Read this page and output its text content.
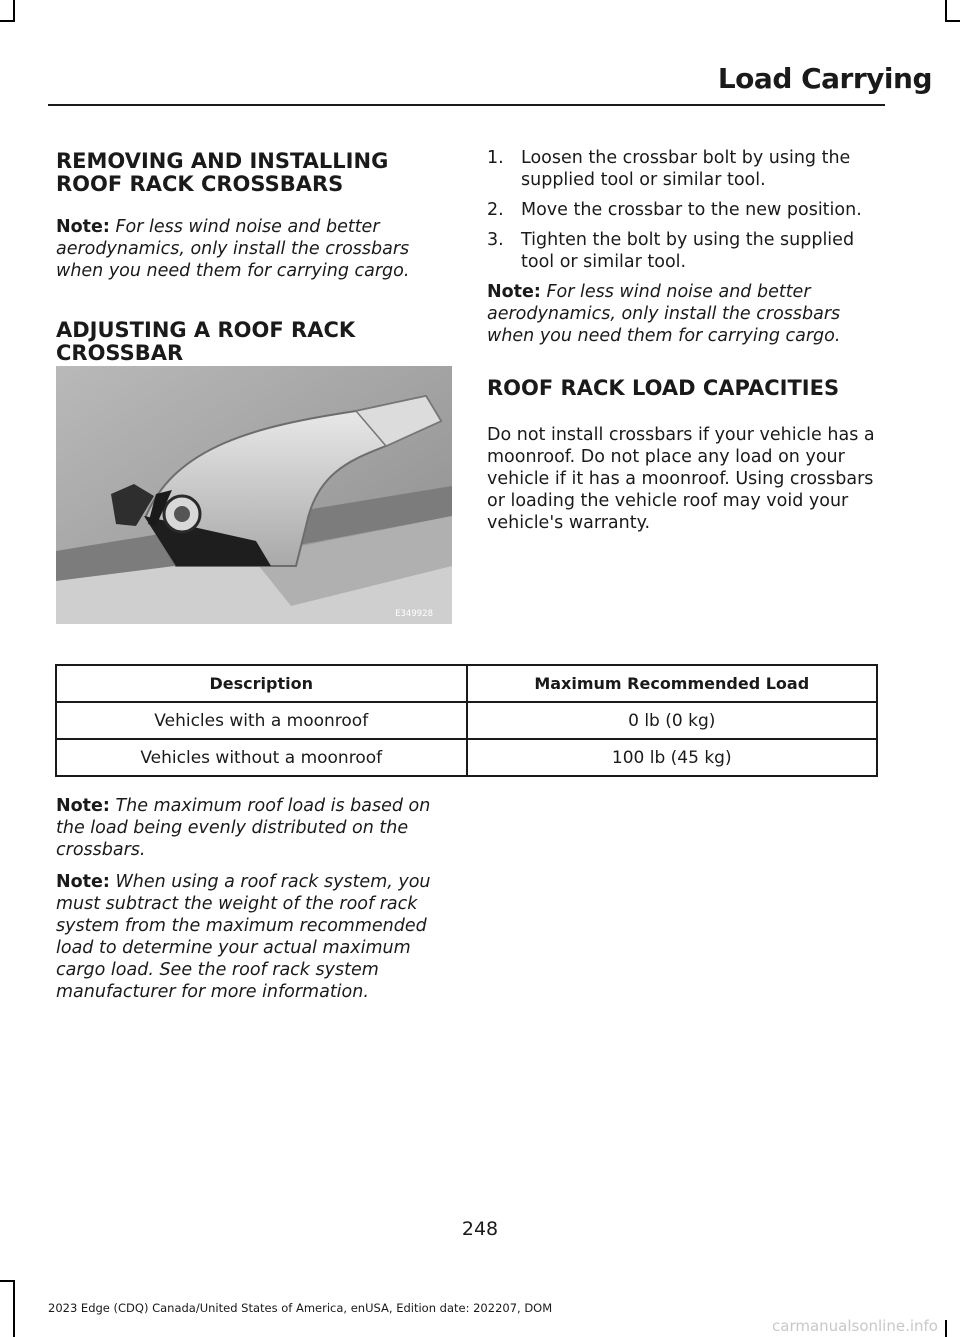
Load Carrying
REMOVING AND INSTALLING ROOF RACK CROSSBARS

Note: For less wind noise and better aerodynamics, only install the crossbars when you need them for carrying cargo.

ADJUSTING A ROOF RACK CROSSBAR
E349928
1. Loosen the crossbar bolt by using the supplied tool or similar tool.
2. Move the crossbar to the new position.
3. Tighten the bolt by using the supplied tool or similar tool.

Note: For less wind noise and better aerodynamics, only install the crossbars when you need them for carrying cargo.

ROOF RACK LOAD CAPACITIES

Do not install crossbars if your vehicle has a moonroof. Do not place any load on your vehicle if it has a moonroof. Using crossbars or loading the vehicle roof may void your vehicle's warranty.

Description	Maximum Recommended Load
Vehicles with a moonroof	0 lb (0 kg)
Vehicles without a moonroof	100 lb (45 kg)

Note: The maximum roof load is based on the load being evenly distributed on the crossbars.

Note: When using a roof rack system, you must subtract the weight of the roof rack system from the maximum recommended load to determine your actual maximum cargo load. See the roof rack system manufacturer for more information.

248
2023 Edge (CDQ) Canada/United States of America, enUSA, Edition date: 202207, DOM
carmanualsonline.info
